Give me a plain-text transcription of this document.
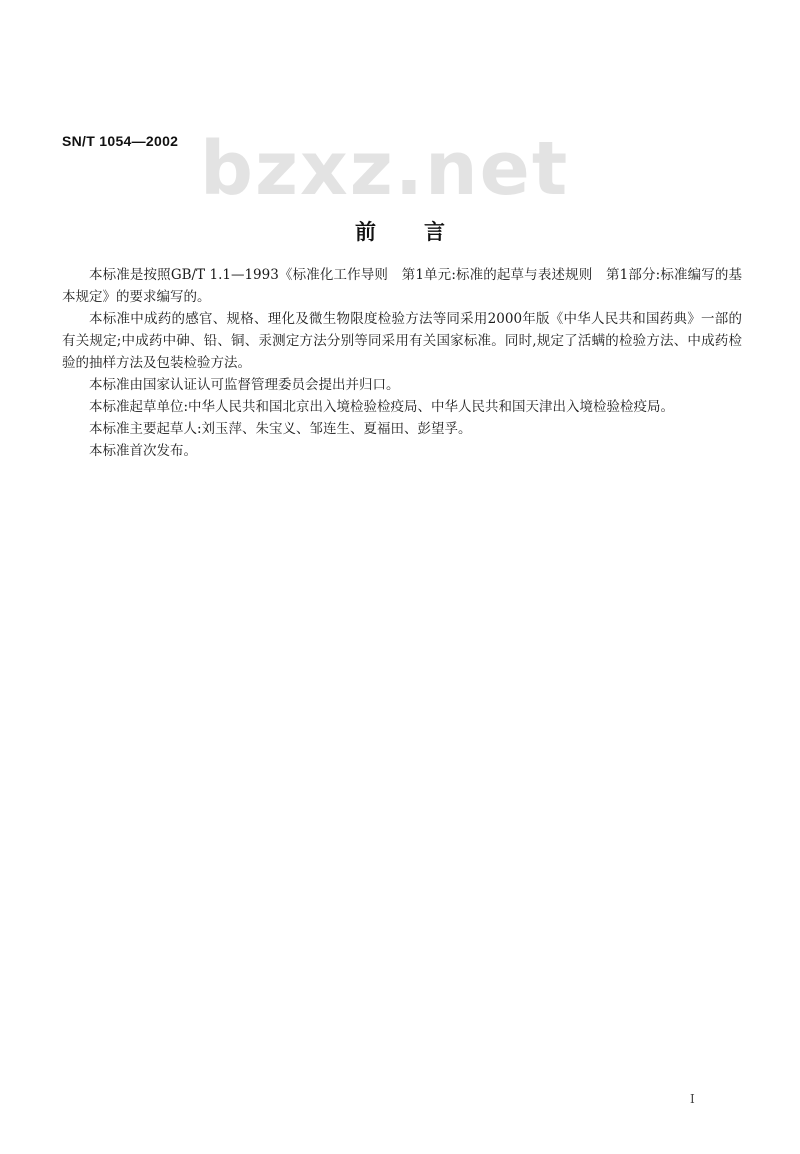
SN/T 1054—2002 bzxz.net
前言

本标准是按照GB/T 1.1—1993《标准化工作导则　第1单元:标准的起草与表述规则　第1部分:标准编写的基本规定》的要求编写的。

本标准中成药的感官、规格、理化及微生物限度检验方法等同采用2000年版《中华人民共和国药典》一部的有关规定;中成药中砷、铅、铜、汞测定方法分别等同采用有关国家标准。同时,规定了活螨的检验方法、中成药检验的抽样方法及包装检验方法。

本标准由国家认证认可监督管理委员会提出并归口。

本标准起草单位:中华人民共和国北京出入境检验检疫局、中华人民共和国天津出入境检验检疫局。

本标准主要起草人:刘玉萍、朱宝义、邹连生、夏福田、彭望孚。

本标准首次发布。

I
